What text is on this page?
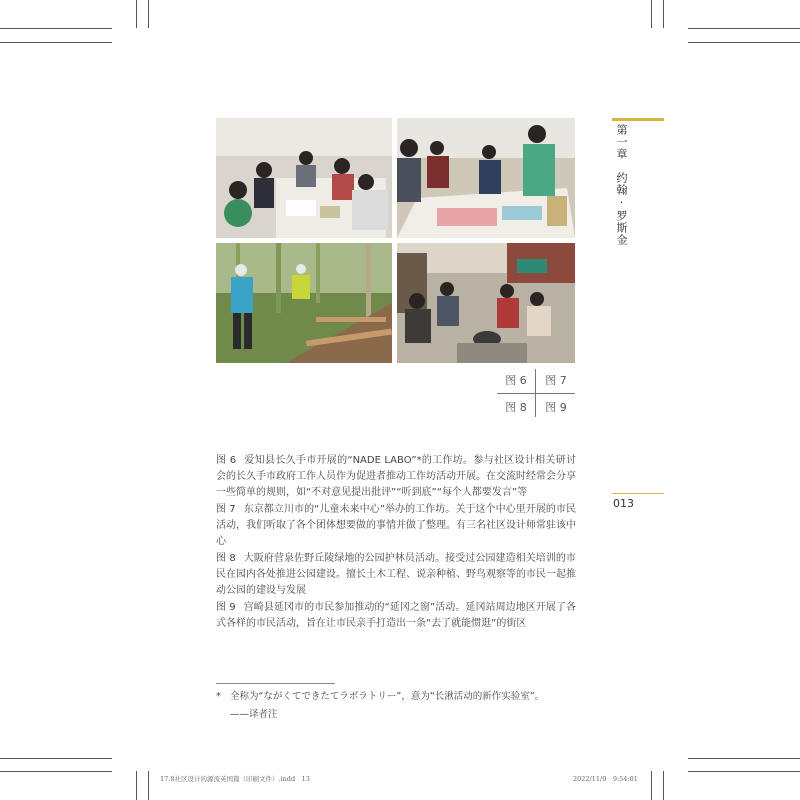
图 6	图 7
图 8	图 9
第一章　约翰·罗斯金
013

图 6 爱知县长久手市开展的“NADE LABO”*的工作坊。参与社区设计相关研讨会的长久手市政府工作人员作为促进者推动工作坊活动开展。在交流时经常会分享一些简单的规则，如“不对意见提出批评”“听到底”“每个人都要发言”等

图 7 东京都立川市的“儿童未来中心”举办的工作坊。关于这个中心里开展的市民活动，我们听取了各个团体想要做的事情并做了整理。有三名社区设计师常驻该中心

图 8 大阪府营泉佐野丘陵绿地的公园护林员活动。接受过公园建造相关培训的市民在园内各处推进公园建设。擅长土木工程、说亲种植、野鸟观察等的市民一起推动公园的建设与发展

图 9 宫崎县延冈市的市民参加推动的“延冈之窗”活动。延冈站周边地区开展了各式各样的市民活动，旨在让市民亲手打造出一条“去了就能惯逛”的街区

* 全称为“ながくてできたてラボラトリー”，意为“长湫活动的新作实验室”。
——译者注
17.8社区设计的源流英国篇（印刷文件）.indd　13	2022/11/9　9:54:01
